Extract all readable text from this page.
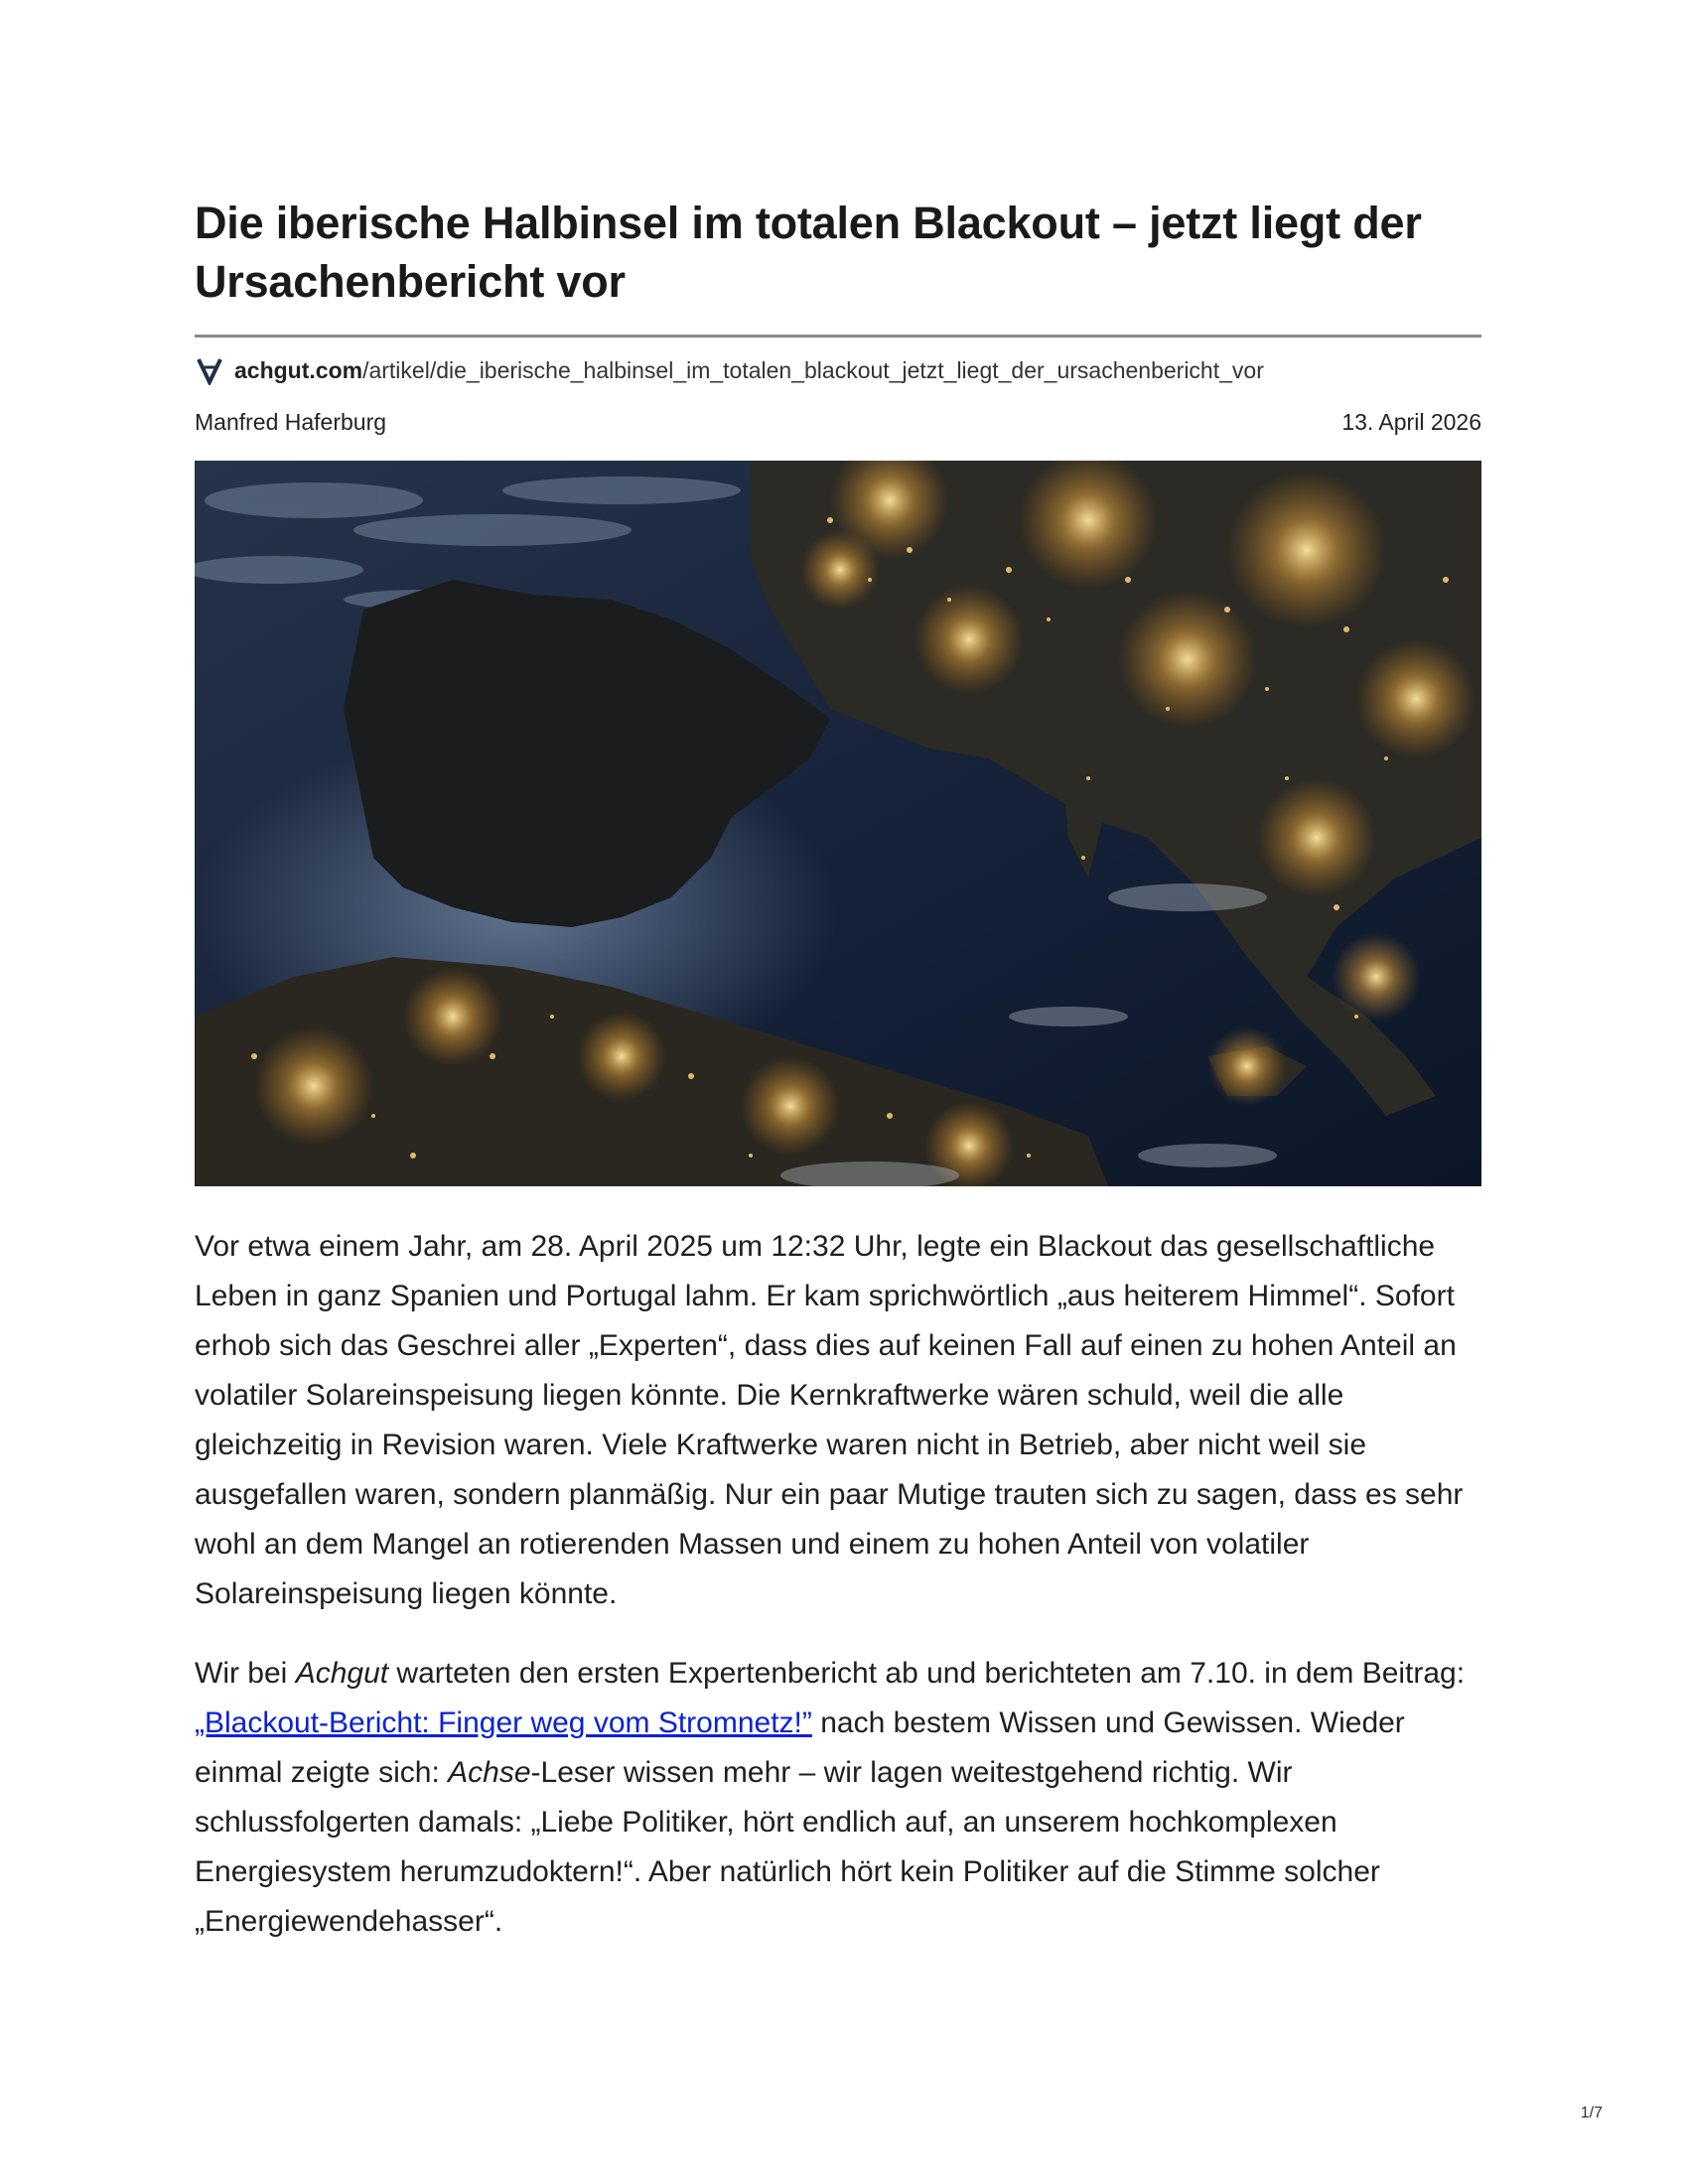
Die iberische Halbinsel im totalen Blackout – jetzt liegt der Ursachenbericht vor
achgut.com /artikel/die_iberische_halbinsel_im_totalen_blackout_jetzt_liegt_der_ursachenbericht_vor
Manfred Haferburg	13. April 2026

Vor etwa einem Jahr, am 28. April 2025 um 12:32 Uhr, legte ein Blackout das gesellschaftliche Leben in ganz Spanien und Portugal lahm. Er kam sprichwörtlich „aus heiterem Himmel“. Sofort erhob sich das Geschrei aller „Experten“, dass dies auf keinen Fall auf einen zu hohen Anteil an volatiler Solareinspeisung liegen könnte. Die Kernkraftwerke wären schuld, weil die alle gleichzeitig in Revision waren. Viele Kraftwerke waren nicht in Betrieb, aber nicht weil sie ausgefallen waren, sondern planmäßig. Nur ein paar Mutige trauten sich zu sagen, dass es sehr wohl an dem Mangel an rotierenden Massen und einem zu hohen Anteil von volatiler Solareinspeisung liegen könnte.

Wir bei Achgut warteten den ersten Expertenbericht ab und berichteten am 7.10. in dem Beitrag: „Blackout-Bericht: Finger weg vom Stromnetz!” nach bestem Wissen und Gewissen. Wieder einmal zeigte sich: Achse-Leser wissen mehr – wir lagen weitestgehend richtig. Wir schlussfolgerten damals: „Liebe Politiker, hört endlich auf, an unserem hochkomplexen Energiesystem herumzudoktern!“. Aber natürlich hört kein Politiker auf die Stimme solcher „Energiewendehasser“.

1/7
